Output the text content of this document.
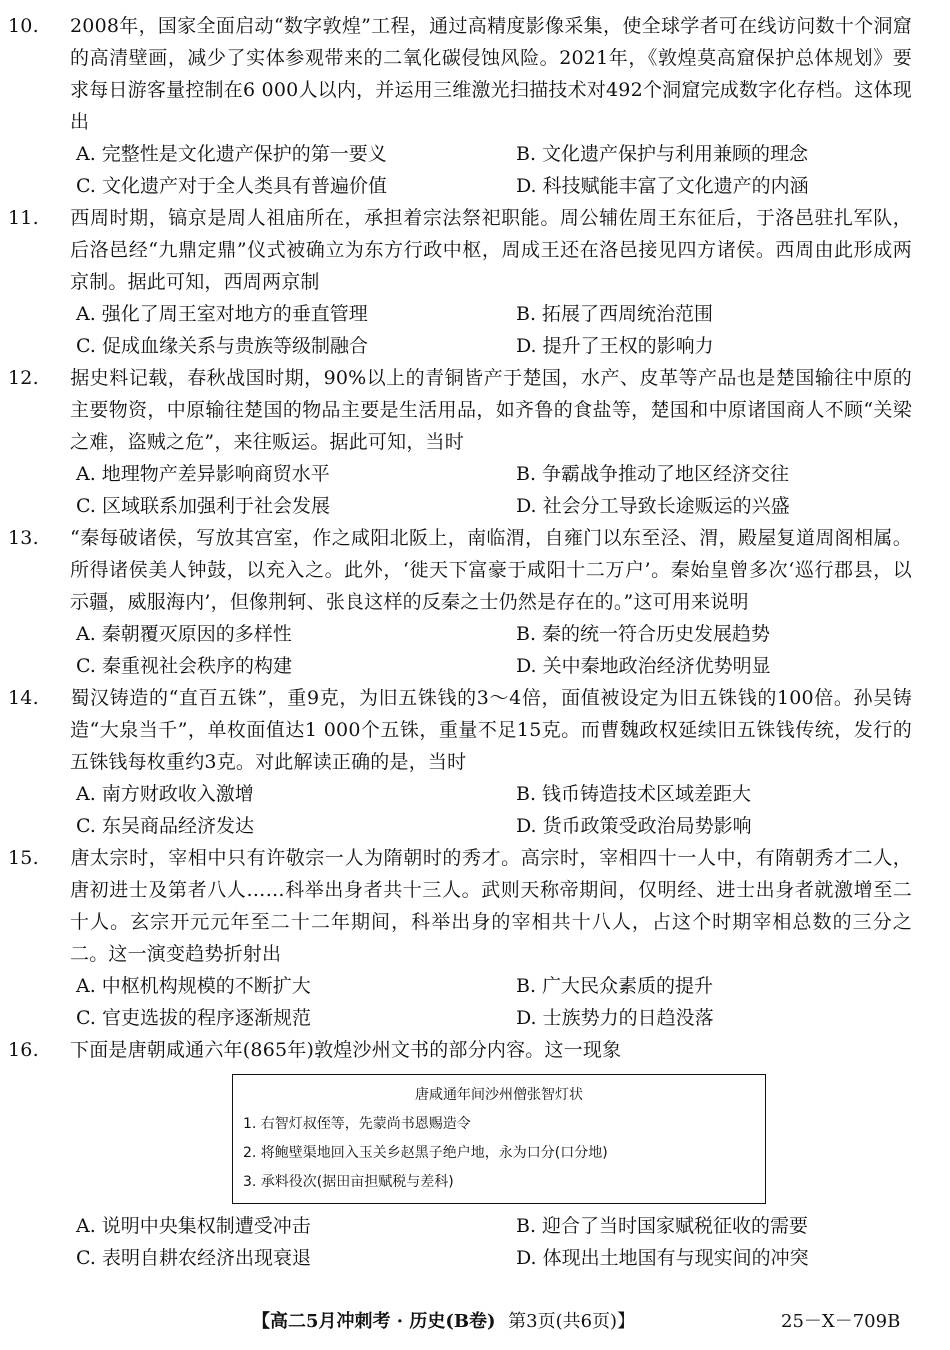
10. 2008年，国家全面启动“数字敦煌”工程，通过高精度影像采集，使全球学者可在线访问数十个洞窟的高清壁画，减少了实体参观带来的二氧化碳侵蚀风险。2021年，《敦煌莫高窟保护总体规划》要求每日游客量控制在6 000人以内，并运用三维激光扫描技术对492个洞窟完成数字化存档。这体现出

A. 完整性是文化遗产保护的第一要义	B. 文化遗产保护与利用兼顾的理念
C. 文化遗产对于全人类具有普遍价值	D. 科技赋能丰富了文化遗产的内涵

11. 西周时期，镐京是周人祖庙所在，承担着宗法祭祀职能。周公辅佐周王东征后，于洛邑驻扎军队，后洛邑经“九鼎定鼎”仪式被确立为东方行政中枢，周成王还在洛邑接见四方诸侯。西周由此形成两京制。据此可知，西周两京制

A. 强化了周王室对地方的垂直管理	B. 拓展了西周统治范围
C. 促成血缘关系与贵族等级制融合	D. 提升了王权的影响力

12. 据史料记载，春秋战国时期，90%以上的青铜皆产于楚国，水产、皮革等产品也是楚国输往中原的主要物资，中原输往楚国的物品主要是生活用品，如齐鲁的食盐等，楚国和中原诸国商人不顾“关梁之难，盗贼之危”，来往贩运。据此可知，当时

A. 地理物产差异影响商贸水平	B. 争霸战争推动了地区经济交往
C. 区域联系加强利于社会发展	D. 社会分工导致长途贩运的兴盛

13. “秦每破诸侯，写放其宫室，作之咸阳北阪上，南临渭，自雍门以东至泾、渭，殿屋复道周阁相属。所得诸侯美人钟鼓，以充入之。此外，‘徙天下富豪于咸阳十二万户’。秦始皇曾多次‘巡行郡县，以示疆，威服海内’，但像荆轲、张良这样的反秦之士仍然是存在的。”这可用来说明

A. 秦朝覆灭原因的多样性	B. 秦的统一符合历史发展趋势
C. 秦重视社会秩序的构建	D. 关中秦地政治经济优势明显

14. 蜀汉铸造的“直百五铢”，重9克，为旧五铢钱的3～4倍，面值被设定为旧五铢钱的100倍。孙吴铸造“大泉当千”，单枚面值达1 000个五铢，重量不足15克。而曹魏政权延续旧五铢钱传统，发行的五铢钱每枚重约3克。对此解读正确的是，当时

A. 南方财政收入激增	B. 钱币铸造技术区域差距大
C. 东吴商品经济发达	D. 货币政策受政治局势影响

15. 唐太宗时，宰相中只有许敬宗一人为隋朝时的秀才。高宗时，宰相四十一人中，有隋朝秀才二人，唐初进士及第者八人……科举出身者共十三人。武则天称帝期间，仅明经、进士出身者就激增至二十人。玄宗开元元年至二十二年期间，科举出身的宰相共十八人，占这个时期宰相总数的三分之二。这一演变趋势折射出

A. 中枢机构规模的不断扩大	B. 广大民众素质的提升
C. 官吏选拔的程序逐渐规范	D. 士族势力的日趋没落

16. 下面是唐朝咸通六年(865年)敦煌沙州文书的部分内容。这一现象

唐咸通年间沙州僧张智灯状
1. 右智灯叔侄等，先蒙尚书恩赐造令
2. 将鲍壁渠地回入玉关乡赵黑子绝户地，永为口分(口分地)
3. 承料役次(据田亩担赋税与差科)
A. 说明中央集权制遭受冲击	B. 迎合了当时国家赋税征收的需要
C. 表明自耕农经济出现衰退	D. 体现出土地国有与现实间的冲突
【高二5月冲刺考 · 历史(B卷) 第3页(共6页)】	25－X－709B
